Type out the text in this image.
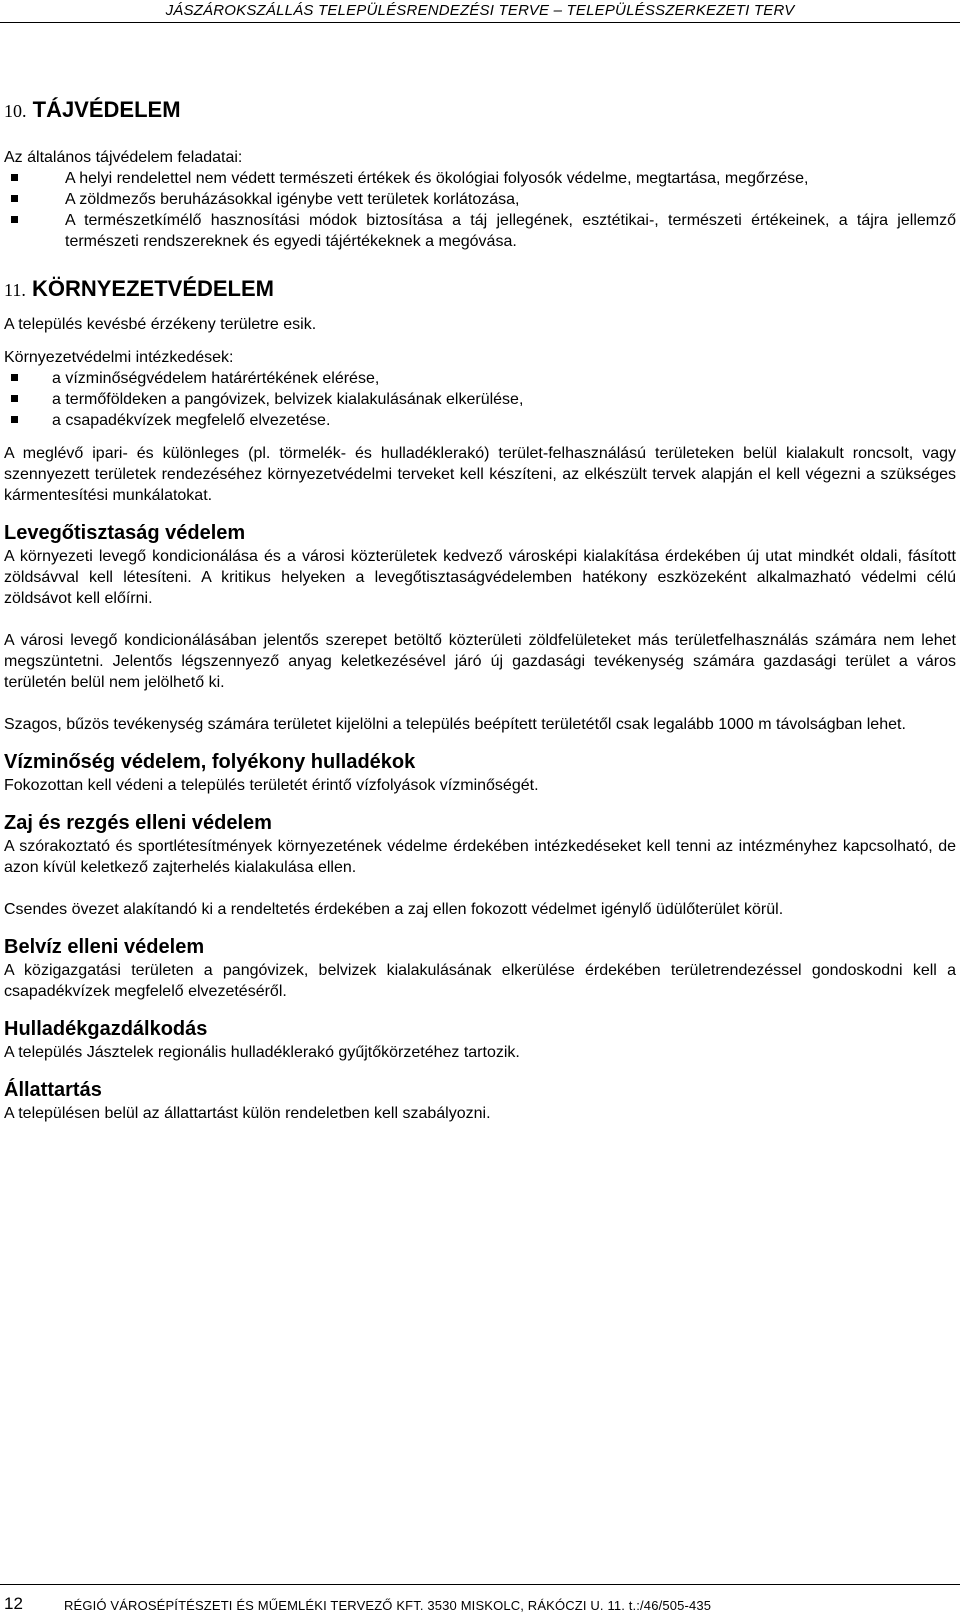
JÁSZÁROKSZÁLLÁS TELEPÜLÉSRENDEZÉSI TERVE – TELEPÜLÉSSZERKEZETI TERV
10. TÁJVÉDELEM

Az általános tájvédelem feladatai:

A helyi rendelettel nem védett természeti értékek és ökológiai folyosók védelme, megtartása, megőrzése,
A zöldmezős beruházásokkal igénybe vett területek korlátozása,
A természetkímélő hasznosítási módok biztosítása a táj jellegének, esztétikai-, természeti értékeinek, a tájra jellemző természeti rendszereknek és egyedi tájértékeknek a megóvása.
11. KÖRNYEZETVÉDELEM

A település kevésbé érzékeny területre esik.

Környezetvédelmi intézkedések:

a vízminőségvédelem határértékének elérése,
a termőföldeken a pangóvizek, belvizek kialakulásának elkerülése,
a csapadékvízek megfelelő elvezetése.

A meglévő ipari- és különleges (pl. törmelék- és hulladéklerakó) terület-felhasználású területeken belül kialakult roncsolt, vagy szennyezett területek rendezéséhez környezetvédelmi terveket kell készíteni, az elkészült tervek alapján el kell végezni a szükséges kármentesítési munkálatokat.

Levegőtisztaság védelem

A környezeti levegő kondicionálása és a városi közterületek kedvező városképi kialakítása érdekében új utat mindkét oldali, fásított zöldsávval kell létesíteni. A kritikus helyeken a levegőtisztaságvédelemben hatékony eszközeként alkalmazható védelmi célú zöldsávot kell előírni.

A városi levegő kondicionálásában jelentős szerepet betöltő közterületi zöldfelületeket más területfelhasználás számára nem lehet megszüntetni. Jelentős légszennyező anyag keletkezésével járó új gazdasági tevékenység számára gazdasági terület a város területén belül nem jelölhető ki.

Szagos, bűzös tevékenység számára területet kijelölni a település beépített területétől csak legalább 1000 m távolságban lehet.

Vízminőség védelem, folyékony hulladékok

Fokozottan kell védeni a település területét érintő vízfolyások vízminőségét.

Zaj és rezgés elleni védelem

A szórakoztató és sportlétesítmények környezetének védelme érdekében intézkedéseket kell tenni az intézményhez kapcsolható, de azon kívül keletkező zajterhelés kialakulása ellen.

Csendes övezet alakítandó ki a rendeltetés érdekében a zaj ellen fokozott védelmet igénylő üdülőterület körül.

Belvíz elleni védelem

A közigazgatási területen a pangóvizek, belvizek kialakulásának elkerülése érdekében területrendezéssel gondoskodni kell a csapadékvízek megfelelő elvezetéséről.

Hulladékgazdálkodás

A település Jásztelek regionális hulladéklerakó gyűjtőkörzetéhez tartozik.

Állattartás

A településen belül az állattartást külön rendeletben kell szabályozni.

12	RÉGIÓ VÁROSÉPÍTÉSZETI ÉS MŰEMLÉKI TERVEZŐ KFT. 3530 MISKOLC, RÁKÓCZI U. 11. t.:/46/505-435
